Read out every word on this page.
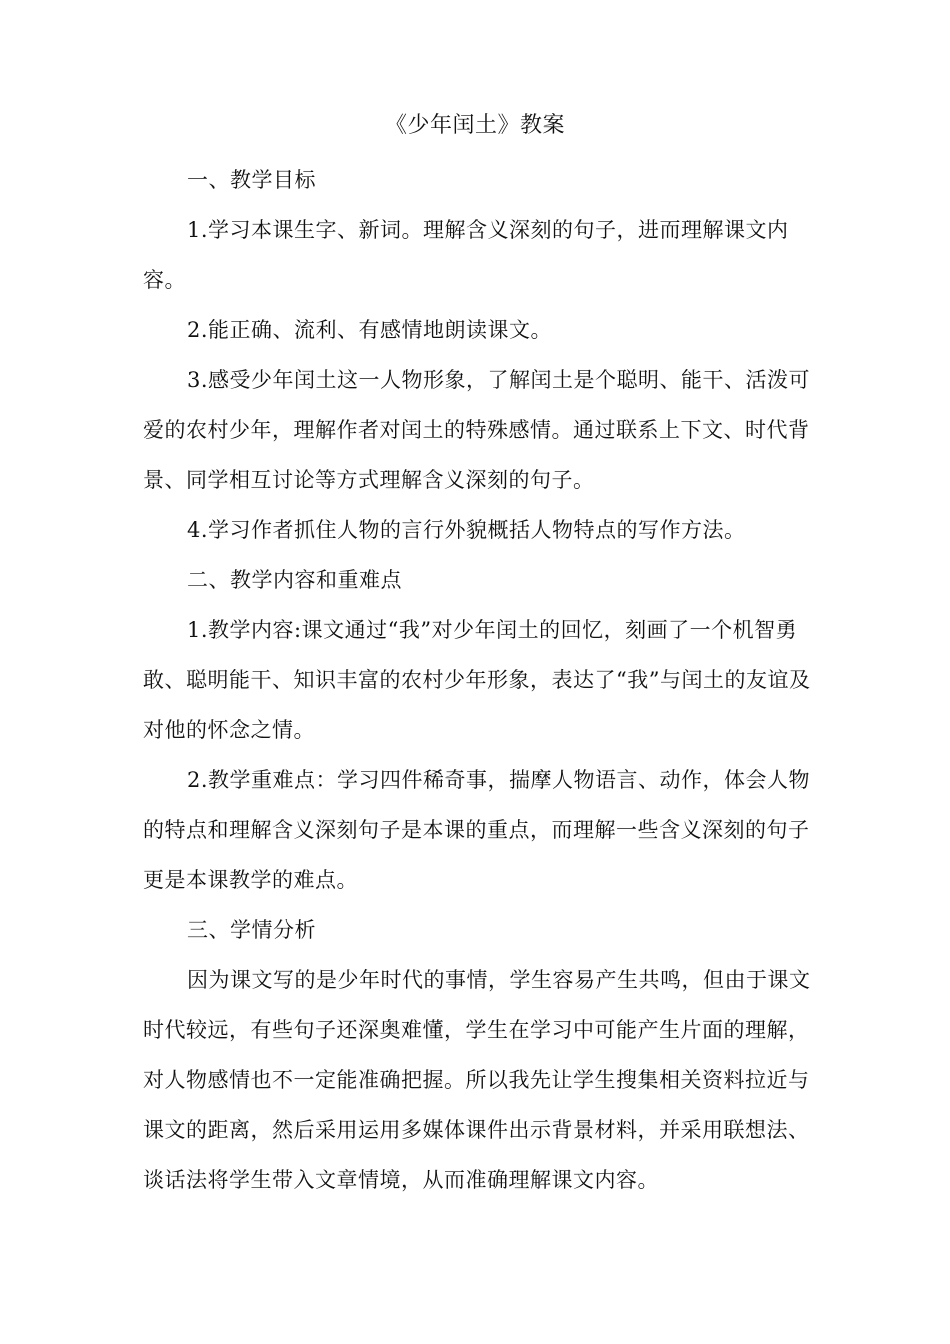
《少年闰土》教案

一、教学目标

1.学习本课生字、新词。理解含义深刻的句子，进而理解课文内容。

2.能正确、流利、有感情地朗读课文。

3.感受少年闰土这一人物形象，了解闰土是个聪明、能干、活泼可爱的农村少年，理解作者对闰土的特殊感情。通过联系上下文、时代背景、同学相互讨论等方式理解含义深刻的句子。

4.学习作者抓住人物的言行外貌概括人物特点的写作方法。

二、教学内容和重难点

1.教学内容:课文通过“我”对少年闰土的回忆，刻画了一个机智勇敢、聪明能干、知识丰富的农村少年形象，表达了“我”与闰土的友谊及对他的怀念之情。

2.教学重难点：学习四件稀奇事，揣摩人物语言、动作，体会人物的特点和理解含义深刻句子是本课的重点，而理解一些含义深刻的句子更是本课教学的难点。

三、学情分析

因为课文写的是少年时代的事情，学生容易产生共鸣，但由于课文时代较远，有些句子还深奥难懂，学生在学习中可能产生片面的理解，对人物感情也不一定能准确把握。所以我先让学生搜集相关资料拉近与课文的距离，然后采用运用多媒体课件出示背景材料，并采用联想法、谈话法将学生带入文章情境，从而准确理解课文内容。
